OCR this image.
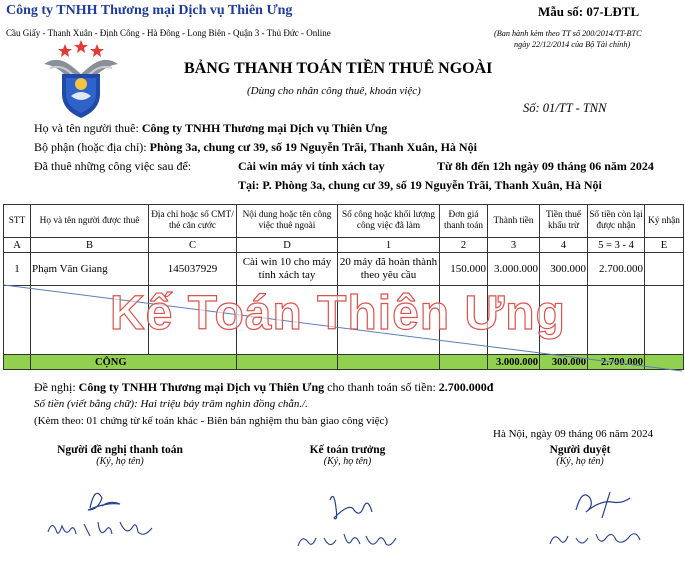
Công ty TNHH Thương mại Dịch vụ Thiên Ưng
Cầu Giấy - Thanh Xuân - Định Công - Hà Đông - Long Biên - Quận 3 - Thủ Đức - Online
Mẫu số: 07-LĐTL
(Ban hành kèm theo TT số 200/2014/TT-BTC
ngày 22/12/2014 của Bộ Tài chính)
BẢNG THANH TOÁN TIỀN THUÊ NGOÀI
(Dùng cho nhân công thuê, khoán việc)
Số: 01/TT - TNN
Họ và tên người thuê: Công ty TNHH Thương mại Dịch vụ Thiên Ưng
Bộ phận (hoặc địa chỉ): Phòng 3a, chung cư 39, số 19 Nguyễn Trãi, Thanh Xuân, Hà Nội
Đã thuê những công việc sau để:	Cài win máy vi tính xách tay	Từ 8h đến 12h ngày 09 tháng 06 năm 2024
Tại: P. Phòng 3a, chung cư 39, số 19 Nguyễn Trãi, Thanh Xuân, Hà Nội
STT	Họ và tên người được thuê	Địa chỉ hoặc số CMT/ thẻ căn cước	Nội dung hoặc tên công việc thuê ngoài	Số công hoặc khối lượng công việc đã làm	Đơn giá thanh toán	Thành tiền	Tiền thuế khấu trừ	Số tiền còn lại được nhận	Ký nhận
A	B	C	D	1	2	3	4	5 = 3 - 4	E
1	Phạm Văn Giang	145037929	Cài win 10 cho máy tính xách tay	20 máy đã hoàn thành theo yêu cầu	150.000	3.000.000	300.000	2.700.000	

	CỘNG					3.000.000	300.000	2.700.000	
Kế Toán Thiên Ưng
Đề nghị: Công ty TNHH Thương mại Dịch vụ Thiên Ưng cho thanh toán số tiền: 2.700.000đ
Số tiền (viết bằng chữ): Hai triệu bảy trăm nghìn đồng chẵn./.
(Kèm theo: 01 chứng từ kế toán khác - Biên bản nghiệm thu bàn giao công việc)
Hà Nội, ngày 09 tháng 06 năm 2024
Người đề nghị thanh toán
(Ký, họ tên)
Kế toán trưởng
(Ký, họ tên)
Người duyệt
(Ký, họ tên)
